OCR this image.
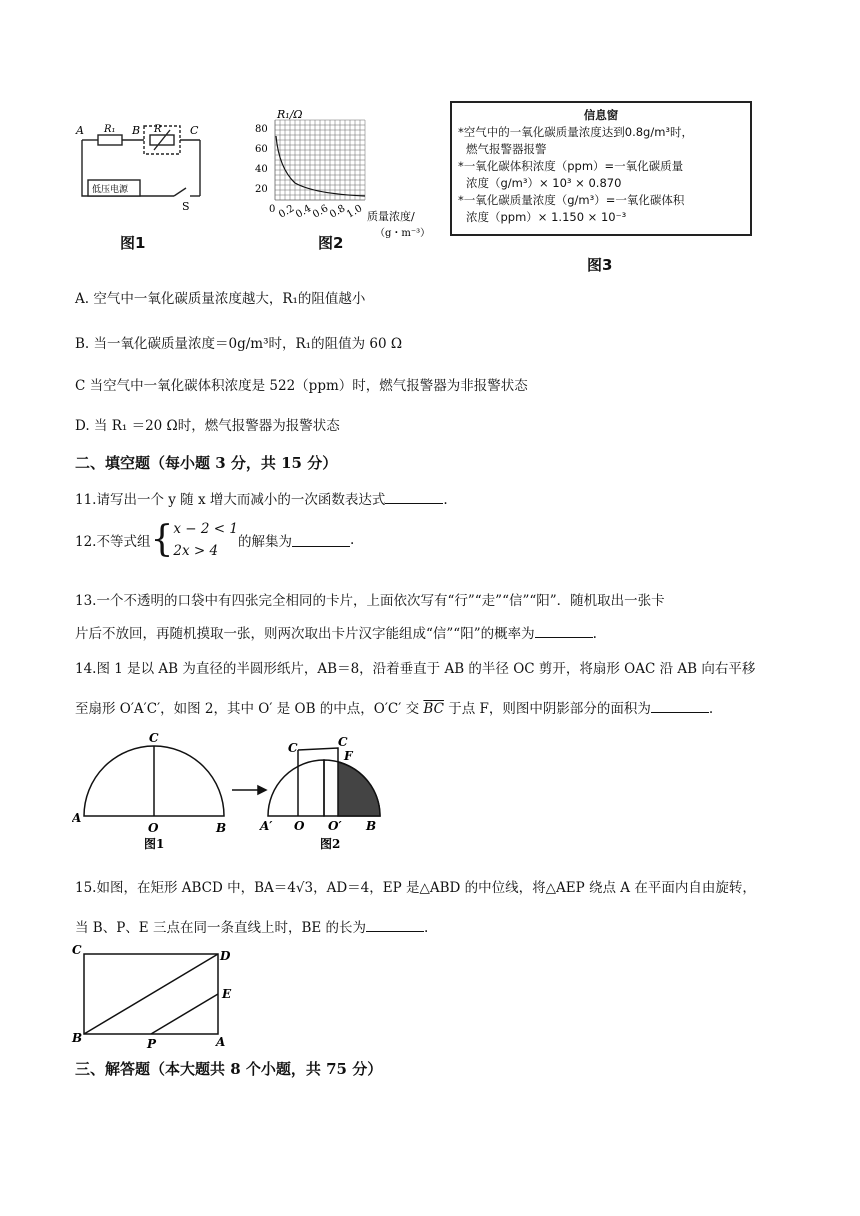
A R₁ B R	C
低压电源
S
图1
R₁/Ω
80
60
40
20
0 0.2
0.4
0.6
0.8
1.0 质量浓度/
（g・m⁻³）
图2
信息窗
*空气中的一氧化碳质量浓度达到0.8g/m³时，
燃气报警器报警
*一氧化碳体积浓度（ppm）=一氧化碳质量
浓度（g/m³）× 10³ × 0.870
*一氧化碳质量浓度（g/m³）=一氧化碳体积
浓度（ppm）× 1.150 × 10⁻³
图3
A. 空气中一氧化碳质量浓度越大，R₁的阻值越小
B. 当一氧化碳质量浓度＝0g/m³时，R₁的阻值为 60 Ω
C 当空气中一氧化碳体积浓度是 522（ppm）时，燃气报警器为非报警状态
D. 当 R₁ ＝20 Ω时，燃气报警器为报警状态
二、填空题（每小题 3 分，共 15 分）
11.请写出一个 y 随 x 增大而减小的一次函数表达式	.
12.不等式组{ x − 2 < 1
2x > 4
的解集为	.
13.一个不透明的口袋中有四张完全相同的卡片，上面依次写有“行”“走”“信”“阳”．随机取出一张卡
片后不放回，再随机摸取一张，则两次取出卡片汉字能组成“信”“阳”的概率为	.
14.图 1 是以 AB 为直径的半圆形纸片，AB＝8，沿着垂直于 AB 的半径 OC 剪开，将扇形 OAC 沿 AB 向右平移
至扇形 O′A′C′，如图 2，其中 O′ 是 OB 的中点，O′C′ 交 $\overline{BC}$ 于点 F，则图中阴影部分的面积为	.
C
A
O	B
图1
C	C
F
A′ O O′ B
图2
15.如图，在矩形 ABCD 中，BA＝4√3，AD＝4，EP 是△ABD 的中位线，将△AEP 绕点 A 在平面内自由旋转，
当 B、P、E 三点在同一条直线上时，BE 的长为	.
C	D
E
B	P	A
三、解答题（本大题共 8 个小题，共 75 分）
